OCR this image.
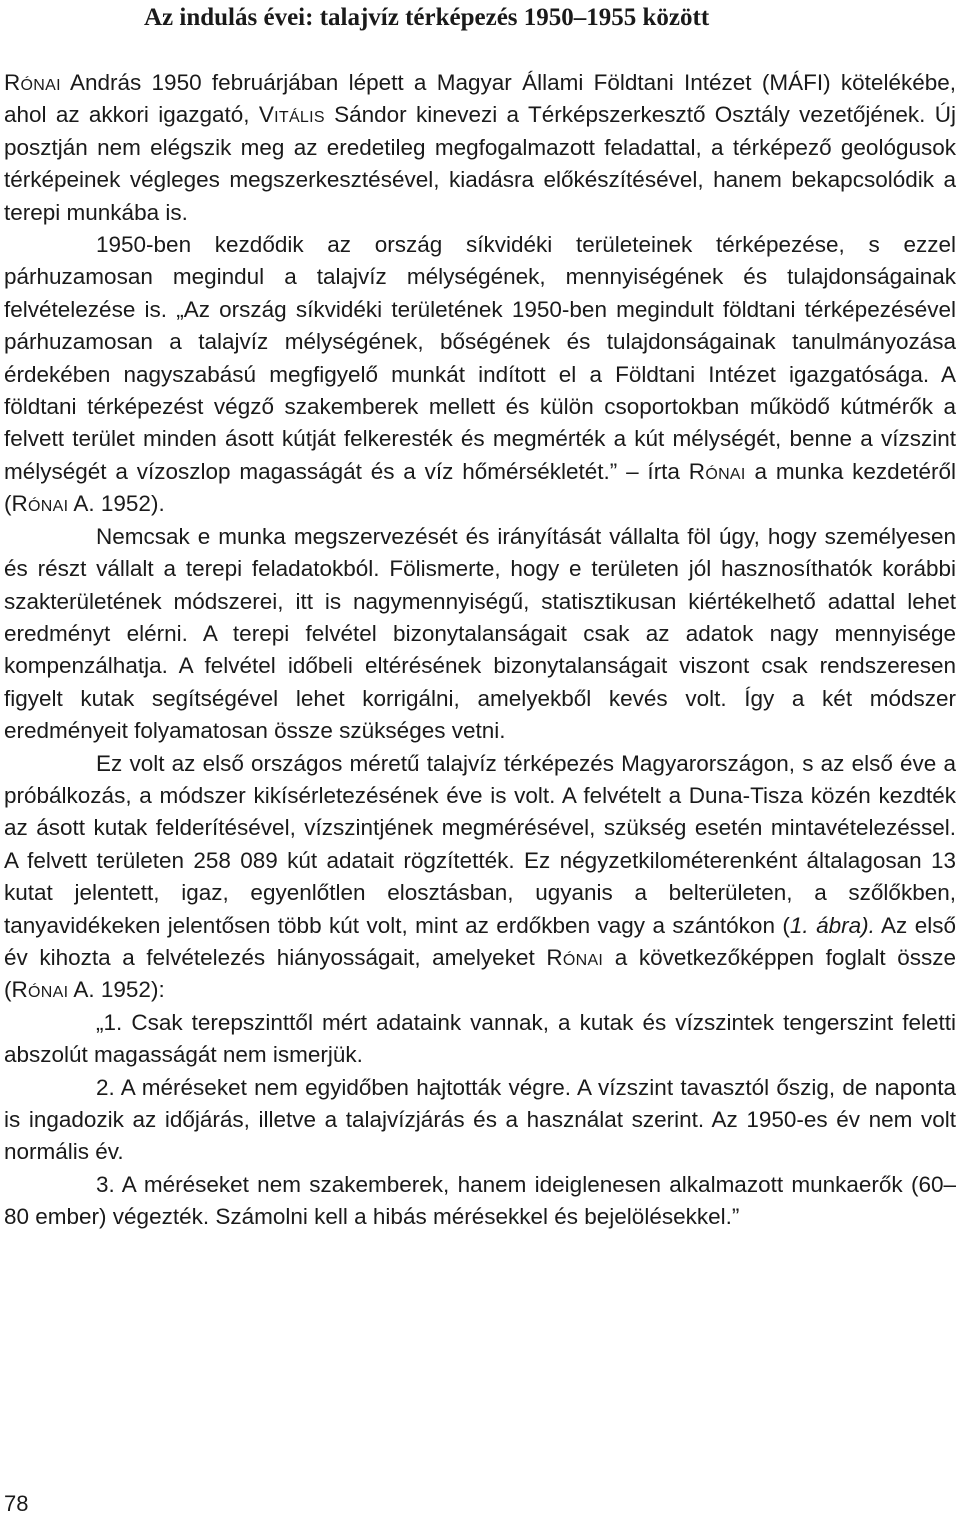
Az indulás évei: talajvíz térképezés 1950–1955 között

Rónai András 1950 februárjában lépett a Magyar Állami Földtani Intézet (MÁFI) kötelékébe, ahol az akkori igazgató, Vitális Sándor kinevezi a Térképszerkesztő Osztály vezetőjének. Új posztján nem elégszik meg az eredetileg megfogalmazott feladattal, a térképező geológusok térképeinek végleges megszerkesztésével, kiadásra előkészítésével, hanem bekapcsolódik a terepi munkába is.

1950-ben kezdődik az ország síkvidéki területeinek térképezése, s ezzel párhuzamosan megindul a talajvíz mélységének, mennyiségének és tulajdonságainak felvételezése is. „Az ország síkvidéki területének 1950-ben megindult földtani térképezésével párhuzamosan a talajvíz mélységének, bőségének és tulajdonságainak tanulmányozása érdekében nagyszabású megfigyelő munkát indított el a Földtani Intézet igazgatósága. A földtani térképezést végző szakemberek mellett és külön csoportokban működő kútmérők a felvett terület minden ásott kútját felkeresték és megmérték a kút mélységét, benne a vízszint mélységét a vízoszlop magasságát és a víz hőmérsékletét.” – írta Rónai a munka kezdetéről (Rónai A. 1952).

Nemcsak e munka megszervezését és irányítását vállalta föl úgy, hogy személyesen és részt vállalt a terepi feladatokból. Fölismerte, hogy e területen jól hasznosíthatók korábbi szakterületének módszerei, itt is nagymennyiségű, statisztikusan kiértékelhető adattal lehet eredményt elérni. A terepi felvétel bizonytalanságait csak az adatok nagy mennyisége kompenzálhatja. A felvétel időbeli eltérésének bizonytalanságait viszont csak rendszeresen figyelt kutak segítségével lehet korrigálni, amelyekből kevés volt. Így a két módszer eredményeit folyamatosan össze szükséges vetni.

Ez volt az első országos méretű talajvíz térképezés Magyarországon, s az első éve a próbálkozás, a módszer kikísérletezésének éve is volt. A felvételt a Duna-Tisza közén kezdték az ásott kutak felderítésével, vízszintjének megmérésével, szükség esetén mintavételezéssel. A felvett területen 258 089 kút adatait rögzítették. Ez négyzetkilométerenként általagosan 13 kutat jelentett, igaz, egyenlőtlen elosztásban, ugyanis a belterületen, a szőlőkben, tanyavidékeken jelentősen több kút volt, mint az erdőkben vagy a szántókon (1. ábra). Az első év kihozta a felvételezés hiányosságait, amelyeket Rónai a következőképpen foglalt össze (Rónai A. 1952):

„1. Csak terepszinttől mért adataink vannak, a kutak és vízszintek tengerszint feletti abszolút magasságát nem ismerjük.

2. A méréseket nem egyidőben hajtották végre. A vízszint tavasztól őszig, de naponta is ingadozik az időjárás, illetve a talajvízjárás és a használat szerint. Az 1950-es év nem volt normális év.

3. A méréseket nem szakemberek, hanem ideiglenesen alkalmazott munkaerők (60–80 ember) végezték. Számolni kell a hibás mérésekkel és bejelölésekkel.”

78
